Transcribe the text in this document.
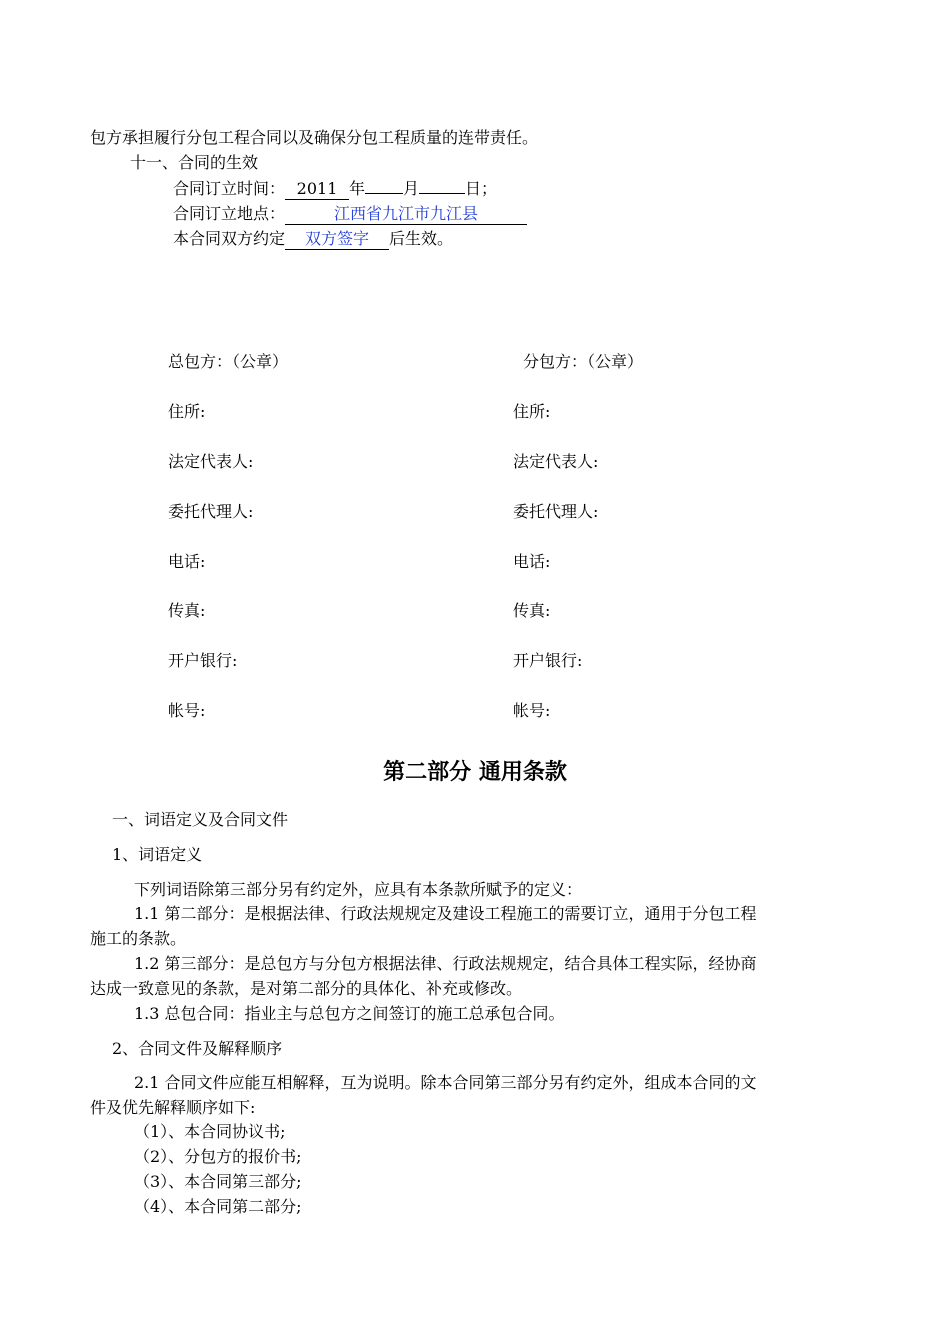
包方承担履行分包工程合同以及确保分包工程质量的连带责任。
十一、合同的生效
合同订立时间： 2011 年 月	日；
合同订立地点：	江西省九江市九江县
本合同双方约定 双方签字 后生效。
总包方：（公章）
住所:
法定代表人:
委托代理人:
电话:
传真:
开户银行:
帐号:
分包方：（公章）
住所:
法定代表人:
委托代理人:
电话:
传真:
开户银行:
帐号:
第二部分 通用条款
一、词语定义及合同文件
1、词语定义
下列词语除第三部分另有约定外，应具有本条款所赋予的定义：
1.1 第二部分：是根据法律、行政法规规定及建设工程施工的需要订立，通用于分包工程
施工的条款。
1.2 第三部分：是总包方与分包方根据法律、行政法规规定，结合具体工程实际，经协商
达成一致意见的条款，是对第二部分的具体化、补充或修改。
1.3 总包合同：指业主与总包方之间签订的施工总承包合同。
2、合同文件及解释顺序
2.1 合同文件应能互相解释，互为说明。除本合同第三部分另有约定外，组成本合同的文
件及优先解释顺序如下:
（1）、本合同协议书;
（2）、分包方的报价书;
（3）、本合同第三部分;
（4）、本合同第二部分;
